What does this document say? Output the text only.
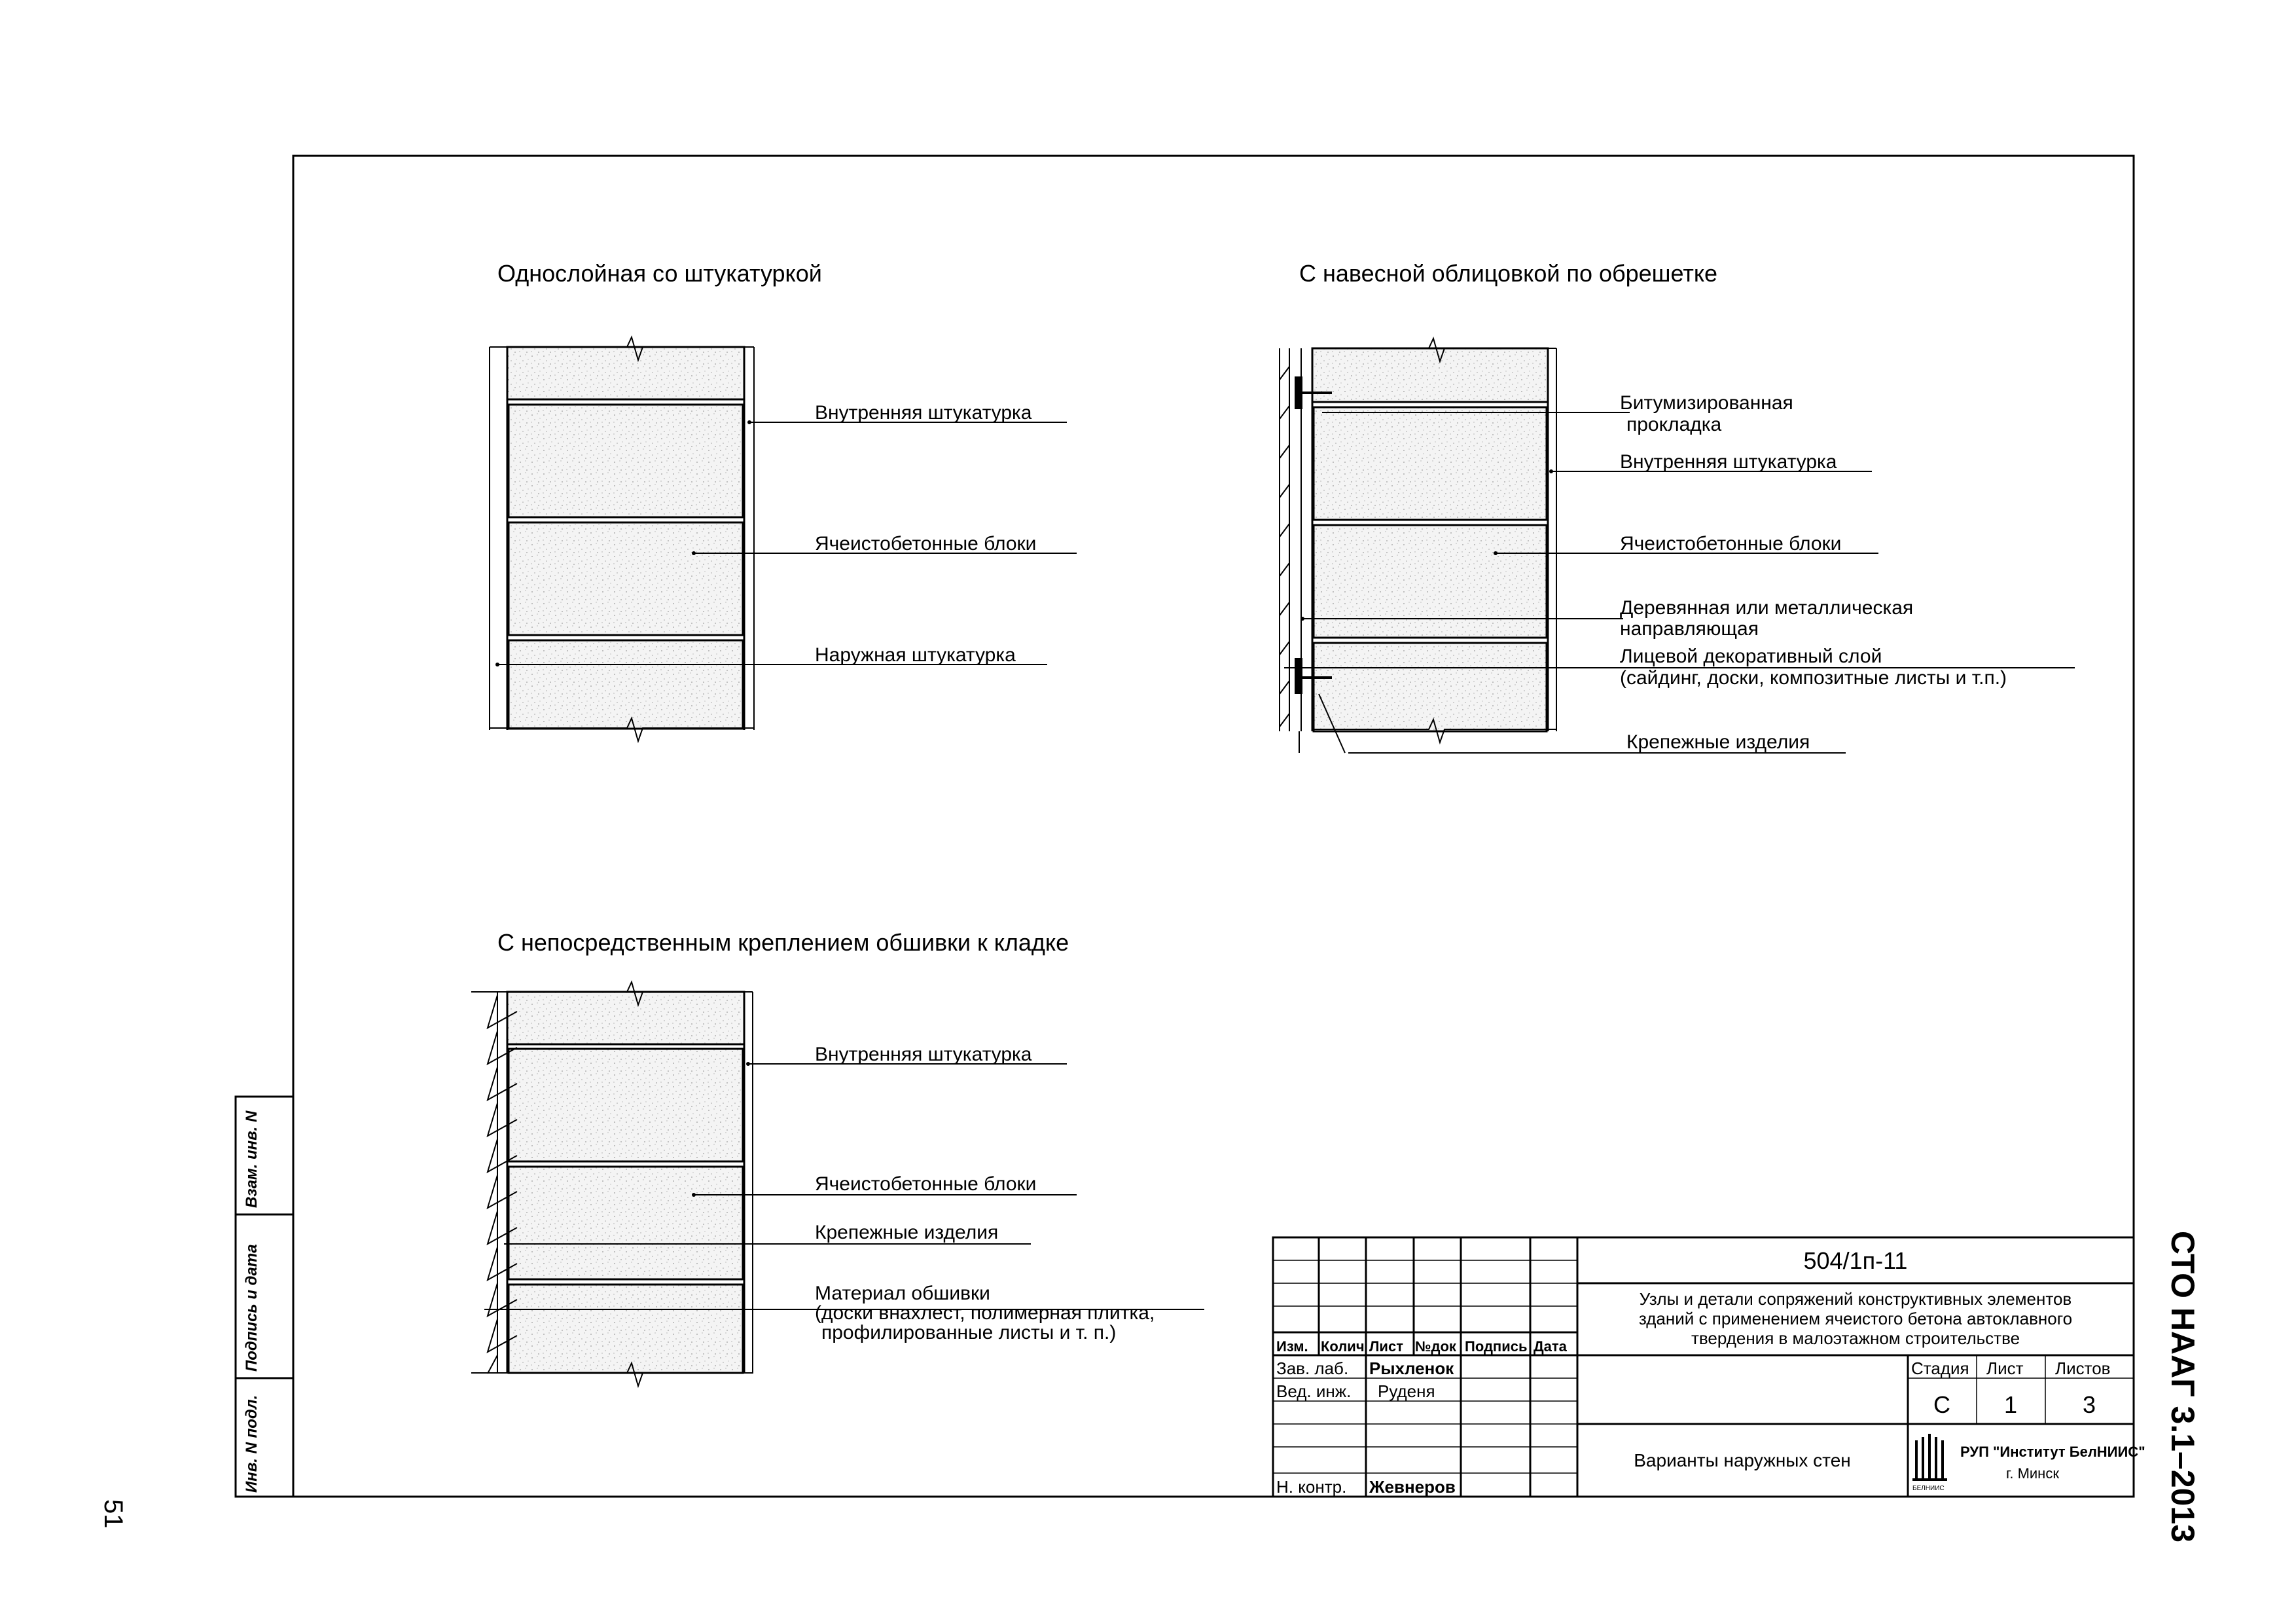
51	СТО НААГ 3.1–2013
Взам. инв. N
Подпись и дата
Инв. N подл.
Однослойная со штукатуркой
Внутренняя штукатурка
Ячеистобетонные блоки
Наружная штукатурка
С навесной облицовкой по обрешетке
Битумизированная
прокладка
Внутренняя штукатурка
Ячеистобетонные блоки
Деревянная или металлическая
направляющая
Лицевой декоративный слой
(сайдинг, доски, композитные листы и т.п.)
Крепежные изделия
С непосредственным креплением обшивки к кладке
Внутренняя штукатурка
Ячеистобетонные блоки
Крепежные изделия
Материал обшивки
(доски внахлест, полимерная плитка,
профилированные листы и т. п.)
504/1п-11
Узлы и детали сопряжений конструктивных элементов
зданий с применением ячеистого бетона автоклавного
твердения в малоэтажном строительстве
Изм. Колич Лист №док Подпись Дата
Зав. лаб. Рыхленок
Вед. инж. Руденя
Н. контр. Жевнеров
Стадия Лист Листов
С 1	3
Варианты наружных стен
БЕЛНИИС
РУП "Институт БелНИИС"
г. Минск
